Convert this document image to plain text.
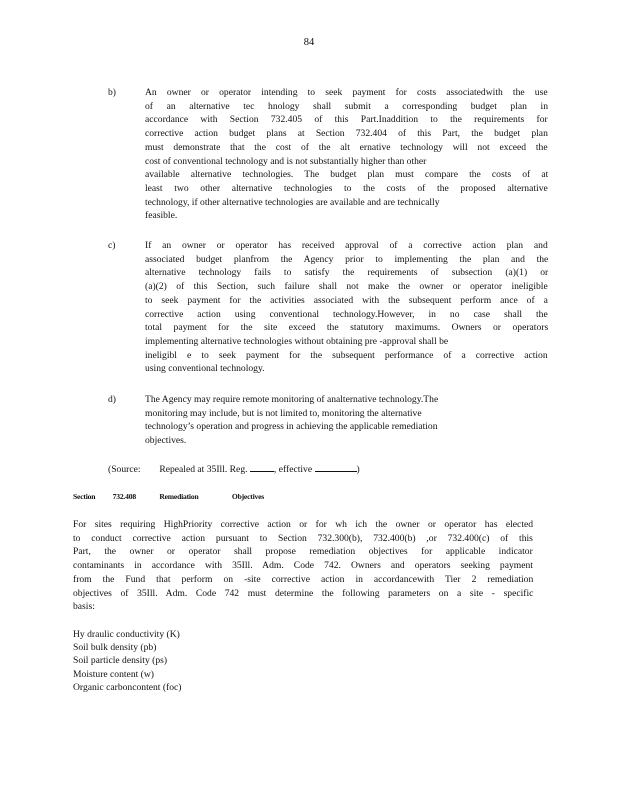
84
b)	An owner or operator intending to seek payment for costs associatedwith the use
of an alternative tec hnology shall submit a corresponding budget plan in
accordance with Section 732.405 of this Part.Inaddition to the requirements for
corrective action budget plans at Section 732.404 of this Part, the budget plan
must demonstrate that the cost of the alt ernative technology will not exceed the
cost of conventional technology and is not substantially higher than other
available alternative technologies. The budget plan must compare the costs of at
least two other alternative technologies to the costs of the proposed alternative
technology, if other alternative technologies are available and are technically
feasible.
c)	If an owner or operator has received approval of a corrective action plan and
associated budget planfrom the Agency prior to implementing the plan and the
alternative technology fails to satisfy the requirements of subsection (a)(1) or
(a)(2) of this Section, such failure shall not make the owner or operator ineligible
to seek payment for the activities associated with the subsequent perform ance of a
corrective action using conventional technology.However, in no case shall the
total payment for the site exceed the statutory maximums. Owners or operators
implementing alternative technologies without obtaining pre -approval shall be
ineligibl e to seek payment for the subsequent performance of a corrective action
using conventional technology.
d)	The Agency may require remote monitoring of analternative technology.The
monitoring may include, but is not limited to, monitoring the alternative
technology’s operation and progress in achieving the applicable remediation
objectives.
(Source: Repealed at 35Ill. Reg.	, effective	)
Section 732.408	Remediation	Objectives
For sites requiring HighPriority corrective action or for wh ich the owner or operator has elected
to conduct corrective action pursuant to Section 732.300(b), 732.400(b) ,or 732.400(c) of this
Part, the owner or operator shall propose remediation objectives for applicable indicator
contaminants in accordance with 35Ill. Adm. Code 742. Owners and operators seeking payment
from the Fund that perform on -site corrective action in accordancewith Tier 2 remediation
objectives of 35Ill. Adm. Code 742 must determine the following parameters on a site - specific
basis:
Hy draulic conductivity (K)
Soil bulk density (pb)
Soil particle density (ps)
Moisture content (w)
Organic carboncontent (foc)
